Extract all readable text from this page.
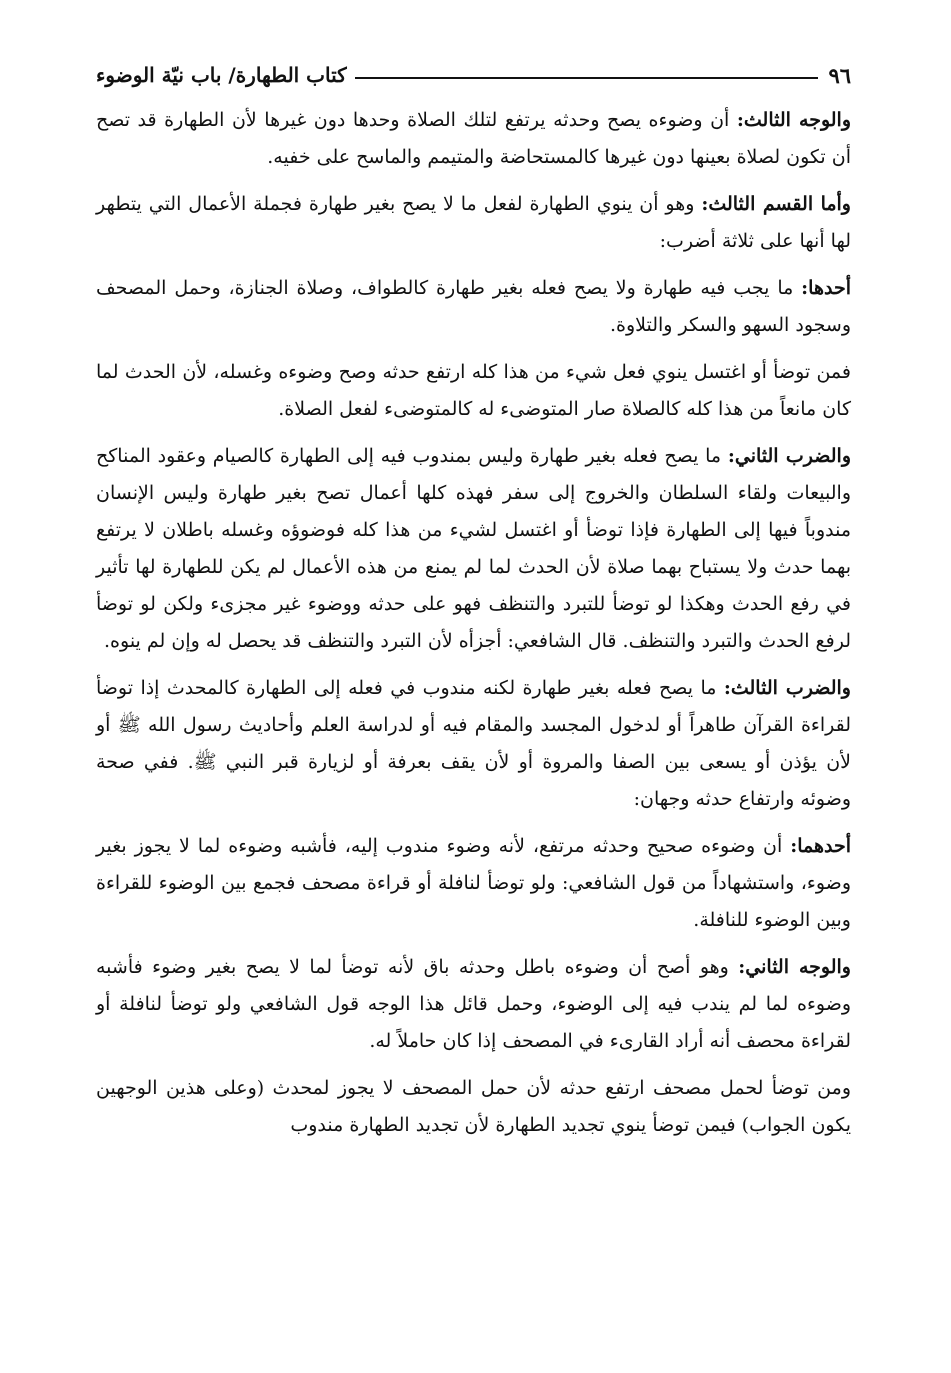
٩٦
كتاب الطهارة/ باب نيّة الوضوء

والوجه الثالث: أن وضوءه يصح وحدثه يرتفع لتلك الصلاة وحدها دون غيرها لأن الطهارة قد تصح أن تكون لصلاة بعينها دون غيرها كالمستحاضة والمتيمم والماسح على خفيه.

وأما القسم الثالث: وهو أن ينوي الطهارة لفعل ما لا يصح بغير طهارة فجملة الأعمال التي يتطهر لها أنها على ثلاثة أضرب:

أحدها: ما يجب فيه طهارة ولا يصح فعله بغير طهارة كالطواف، وصلاة الجنازة، وحمل المصحف وسجود السهو والسكر والتلاوة.

فمن توضأ أو اغتسل ينوي فعل شيء من هذا كله ارتفع حدثه وصح وضوءه وغسله، لأن الحدث لما كان مانعاً من هذا كله كالصلاة صار المتوضىء له كالمتوضىء لفعل الصلاة.

والضرب الثاني: ما يصح فعله بغير طهارة وليس بمندوب فيه إلى الطهارة كالصيام وعقود المناكح والبيعات ولقاء السلطان والخروج إلى سفر فهذه كلها أعمال تصح بغير طهارة وليس الإنسان مندوباً فيها إلى الطهارة فإذا توضأ أو اغتسل لشيء من هذا كله فوضوؤه وغسله باطلان لا يرتفع بهما حدث ولا يستباح بهما صلاة لأن الحدث لما لم يمنع من هذه الأعمال لم يكن للطهارة لها تأثير في رفع الحدث وهكذا لو توضأ للتبرد والتنظف فهو على حدثه ووضوء غير مجزىء ولكن لو توضأ لرفع الحدث والتبرد والتنظف. قال الشافعي: أجزأه لأن التبرد والتنظف قد يحصل له وإن لم ينوه.

والضرب الثالث: ما يصح فعله بغير طهارة لكنه مندوب في فعله إلى الطهارة كالمحدث إذا توضأ لقراءة القرآن طاهراً أو لدخول المجسد والمقام فيه أو لدراسة العلم وأحاديث رسول الله ﷺ أو لأن يؤذن أو يسعى بين الصفا والمروة أو لأن يقف بعرفة أو لزيارة قبر النبي ﷺ. ففي صحة وضوئه وارتفاع حدثه وجهان:

أحدهما: أن وضوءه صحيح وحدثه مرتفع، لأنه وضوء مندوب إليه، فأشبه وضوءه لما لا يجوز بغير وضوء، واستشهاداً من قول الشافعي: ولو توضأ لنافلة أو قراءة مصحف فجمع بين الوضوء للقراءة وبين الوضوء للنافلة.

والوجه الثاني: وهو أصح أن وضوءه باطل وحدثه باق لأنه توضأ لما لا يصح بغير وضوء فأشبه وضوءه لما لم يندب فيه إلى الوضوء، وحمل قائل هذا الوجه قول الشافعي ولو توضأ لنافلة أو لقراءة محصف أنه أراد القارىء في المصحف إذا كان حاملاً له.

ومن توضأ لحمل مصحف ارتفع حدثه لأن حمل المصحف لا يجوز لمحدث (وعلى هذين الوجهين يكون الجواب) فيمن توضأ ينوي تجديد الطهارة لأن تجديد الطهارة مندوب
